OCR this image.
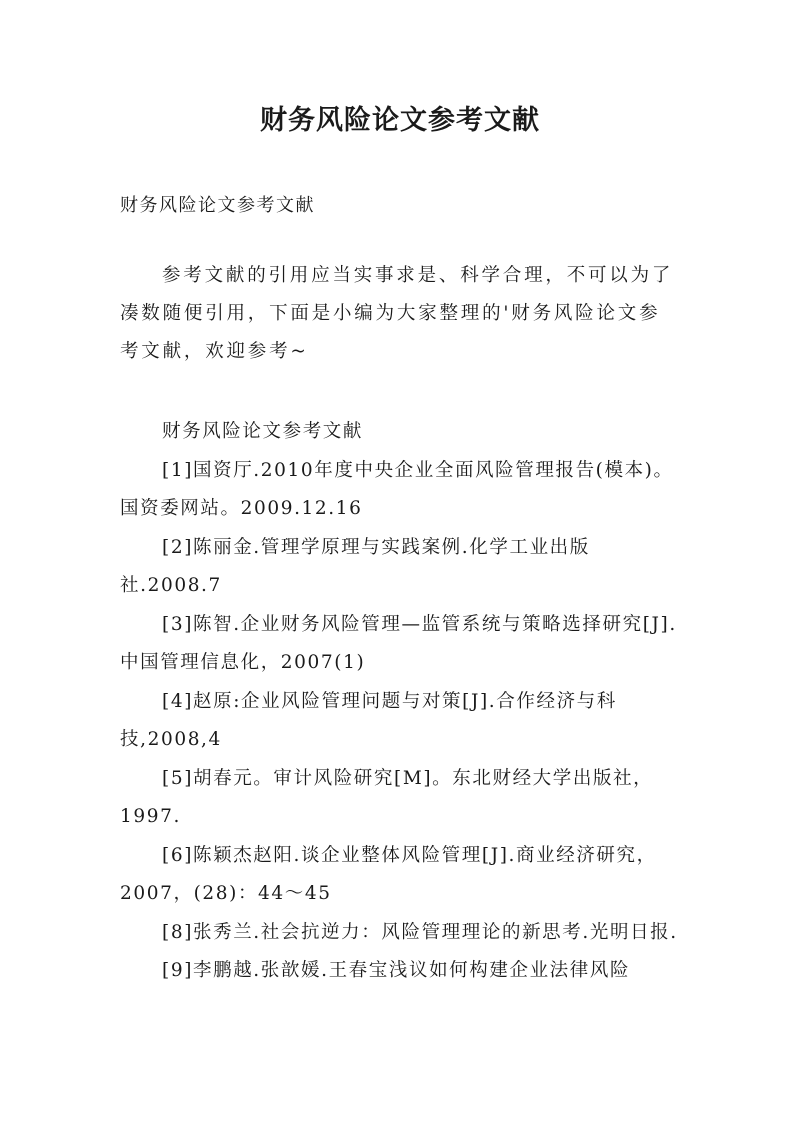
财务风险论文参考文献

财务风险论文参考文献

参考文献的引用应当实事求是、科学合理，不可以为了凑数随便引用，下面是小编为大家整理的'财务风险论文参考文献，欢迎参考~

财务风险论文参考文献
[1]国资厅.2010年度中央企业全面风险管理报告(模本)。国资委网站。2009.12.16
[2]陈丽金.管理学原理与实践案例.化学工业出版社.2008.7
[3]陈智.企业财务风险管理—监管系统与策略选择研究[J].中国管理信息化，2007(1)
[4]赵原:企业风险管理问题与对策[J].合作经济与科技,2008,4
[5]胡春元。审计风险研究[M]。东北财经大学出版社，1997.
[6]陈颖杰赵阳.谈企业整体风险管理[J].商业经济研究，2007，(28)：44～45
[8]张秀兰.社会抗逆力：风险管理理论的新思考.光明日报.
[9]李鹏越.张歆媛.王春宝浅议如何构建企业法律风险
